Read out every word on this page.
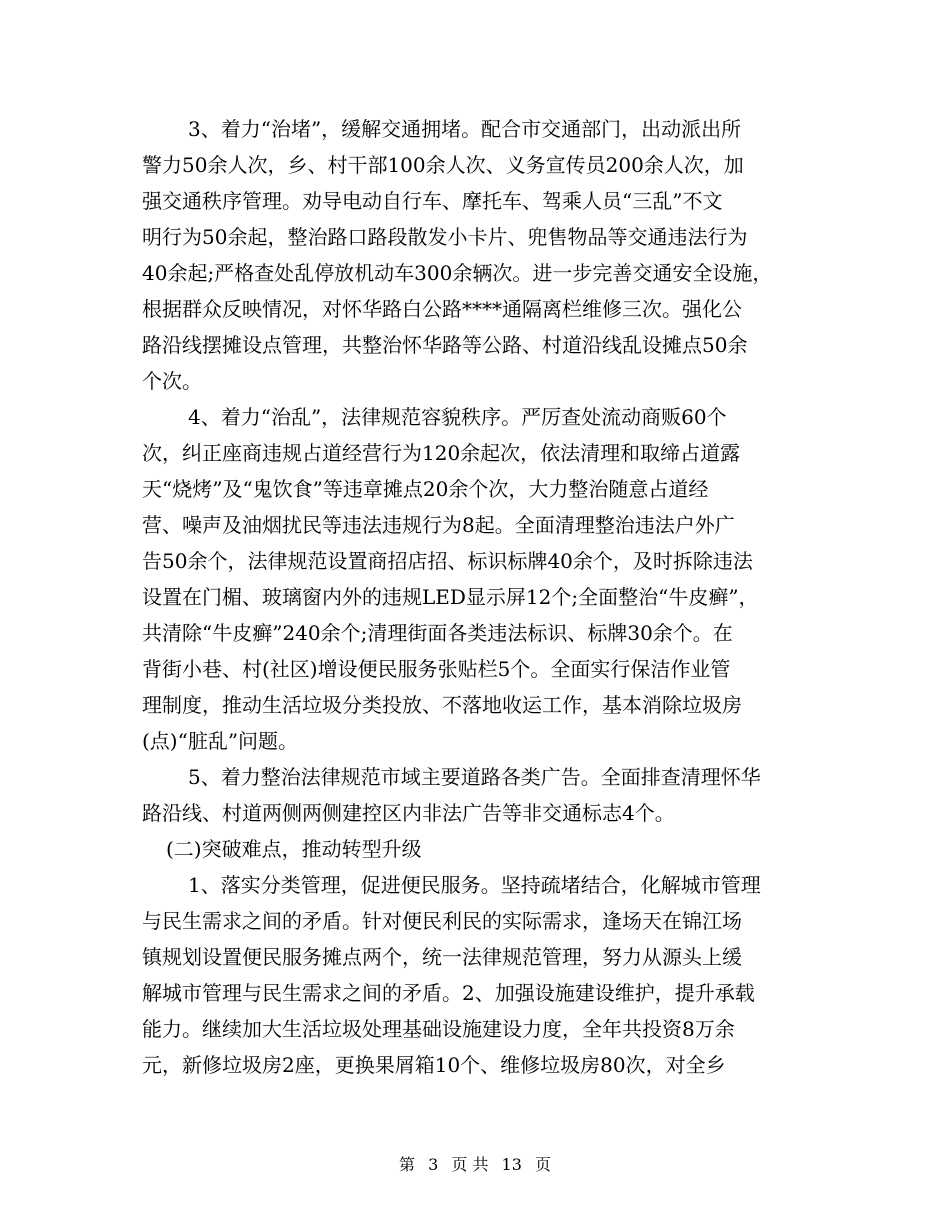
3、着力“治堵”，缓解交通拥堵。配合市交通部门，出动派出所
警力50余人次，乡、村干部100余人次、义务宣传员200余人次，加
强交通秩序管理。劝导电动自行车、摩托车、驾乘人员“三乱”不文
明行为50余起，整治路口路段散发小卡片、兜售物品等交通违法行为
40余起;严格查处乱停放机动车300余辆次。进一步完善交通安全设施，
根据群众反映情况，对怀华路白公路****通隔离栏维修三次。强化公
路沿线摆摊设点管理，共整治怀华路等公路、村道沿线乱设摊点50余
个次。
4、着力“治乱”，法律规范容貌秩序。严厉查处流动商贩60个
次，纠正座商违规占道经营行为120余起次，依法清理和取缔占道露
天“烧烤”及“鬼饮食”等违章摊点20余个次，大力整治随意占道经
营、噪声及油烟扰民等违法违规行为8起。全面清理整治违法户外广
告50余个，法律规范设置商招店招、标识标牌40余个，及时拆除违法
设置在门楣、玻璃窗内外的违规LED显示屏12个;全面整治“牛皮癣”，
共清除“牛皮癣”240余个;清理街面各类违法标识、标牌30余个。在
背街小巷、村(社区)增设便民服务张贴栏5个。全面实行保洁作业管
理制度，推动生活垃圾分类投放、不落地收运工作，基本消除垃圾房
(点)“脏乱”问题。
5、着力整治法律规范市域主要道路各类广告。全面排查清理怀华
路沿线、村道两侧两侧建控区内非法广告等非交通标志4个。
(二)突破难点，推动转型升级
1、落实分类管理，促进便民服务。坚持疏堵结合，化解城市管理
与民生需求之间的矛盾。针对便民利民的实际需求，逢场天在锦江场
镇规划设置便民服务摊点两个，统一法律规范管理，努力从源头上缓
解城市管理与民生需求之间的矛盾。2、加强设施建设维护，提升承载
能力。继续加大生活垃圾处理基础设施建设力度，全年共投资8万余
元，新修垃圾房2座，更换果屑箱10个、维修垃圾房80次，对全乡
第 3 页 共 13 页
